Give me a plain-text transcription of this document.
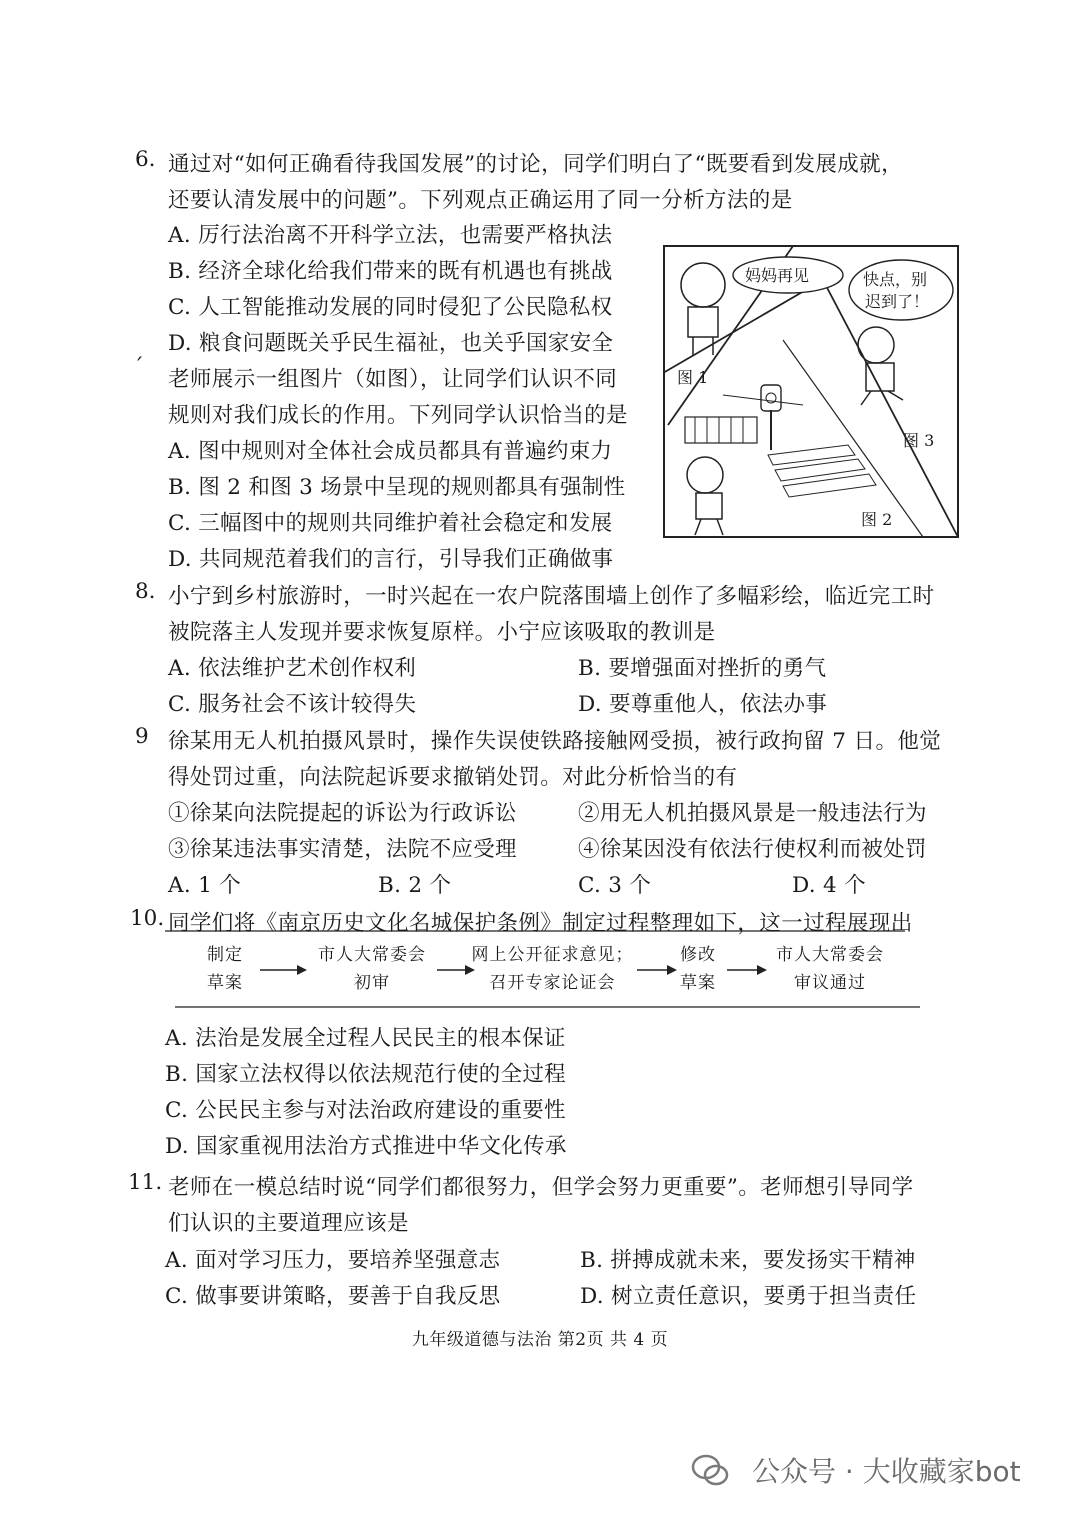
6. 通过对“如何正确看待我国发展”的讨论，同学们明白了“既要看到发展成就，
还要认清发展中的问题”。下列观点正确运用了同一分析方法的是
A. 厉行法治离不开科学立法，也需要严格执法
B. 经济全球化给我们带来的既有机遇也有挑战
C. 人工智能推动发展的同时侵犯了公民隐私权
D. 粮食问题既关乎民生福祉，也关乎国家安全
ˊ 老师展示一组图片（如图），让同学们认识不同
规则对我们成长的作用。下列同学认识恰当的是
A. 图中规则对全体社会成员都具有普遍约束力
B. 图 2 和图 3 场景中呈现的规则都具有强制性
C. 三幅图中的规则共同维护着社会稳定和发展
D. 共同规范着我们的言行，引导我们正确做事
妈妈再见	快点，别
迟到了！
图 1
图 2
图 3
8. 小宁到乡村旅游时，一时兴起在一农户院落围墙上创作了多幅彩绘，临近完工时
被院落主人发现并要求恢复原样。小宁应该吸取的教训是
A. 依法维护艺术创作权利	B. 要增强面对挫折的勇气
C. 服务社会不该计较得失	D. 要尊重他人，依法办事
9 徐某用无人机拍摄风景时，操作失误使铁路接触网受损，被行政拘留 7 日。他觉
得处罚过重，向法院起诉要求撤销处罚。对此分析恰当的有
①徐某向法院提起的诉讼为行政诉讼	②用无人机拍摄风景是一般违法行为
③徐某违法事实清楚，法院不应受理	④徐某因没有依法行使权利而被处罚
A. 1 个	B. 2 个	C. 3 个	D. 4 个
10. 同学们将《南京历史文化名城保护条例》制定过程整理如下，这一过程展现出
制定
草案
市人大常委会
初审
网上公开征求意见；
召开专家论证会
修改
草案
市人大常委会
审议通过
A. 法治是发展全过程人民民主的根本保证
B. 国家立法权得以依法规范行使的全过程
C. 公民民主参与对法治政府建设的重要性
D. 国家重视用法治方式推进中华文化传承
11. 老师在一模总结时说“同学们都很努力，但学会努力更重要”。老师想引导同学
们认识的主要道理应该是
A. 面对学习压力，要培养坚强意志	B. 拼搏成就未来，要发扬实干精神
C. 做事要讲策略，要善于自我反思	D. 树立责任意识，要勇于担当责任
九年级道德与法治 第2页 共 4 页
公众号 · 大收藏家bot
